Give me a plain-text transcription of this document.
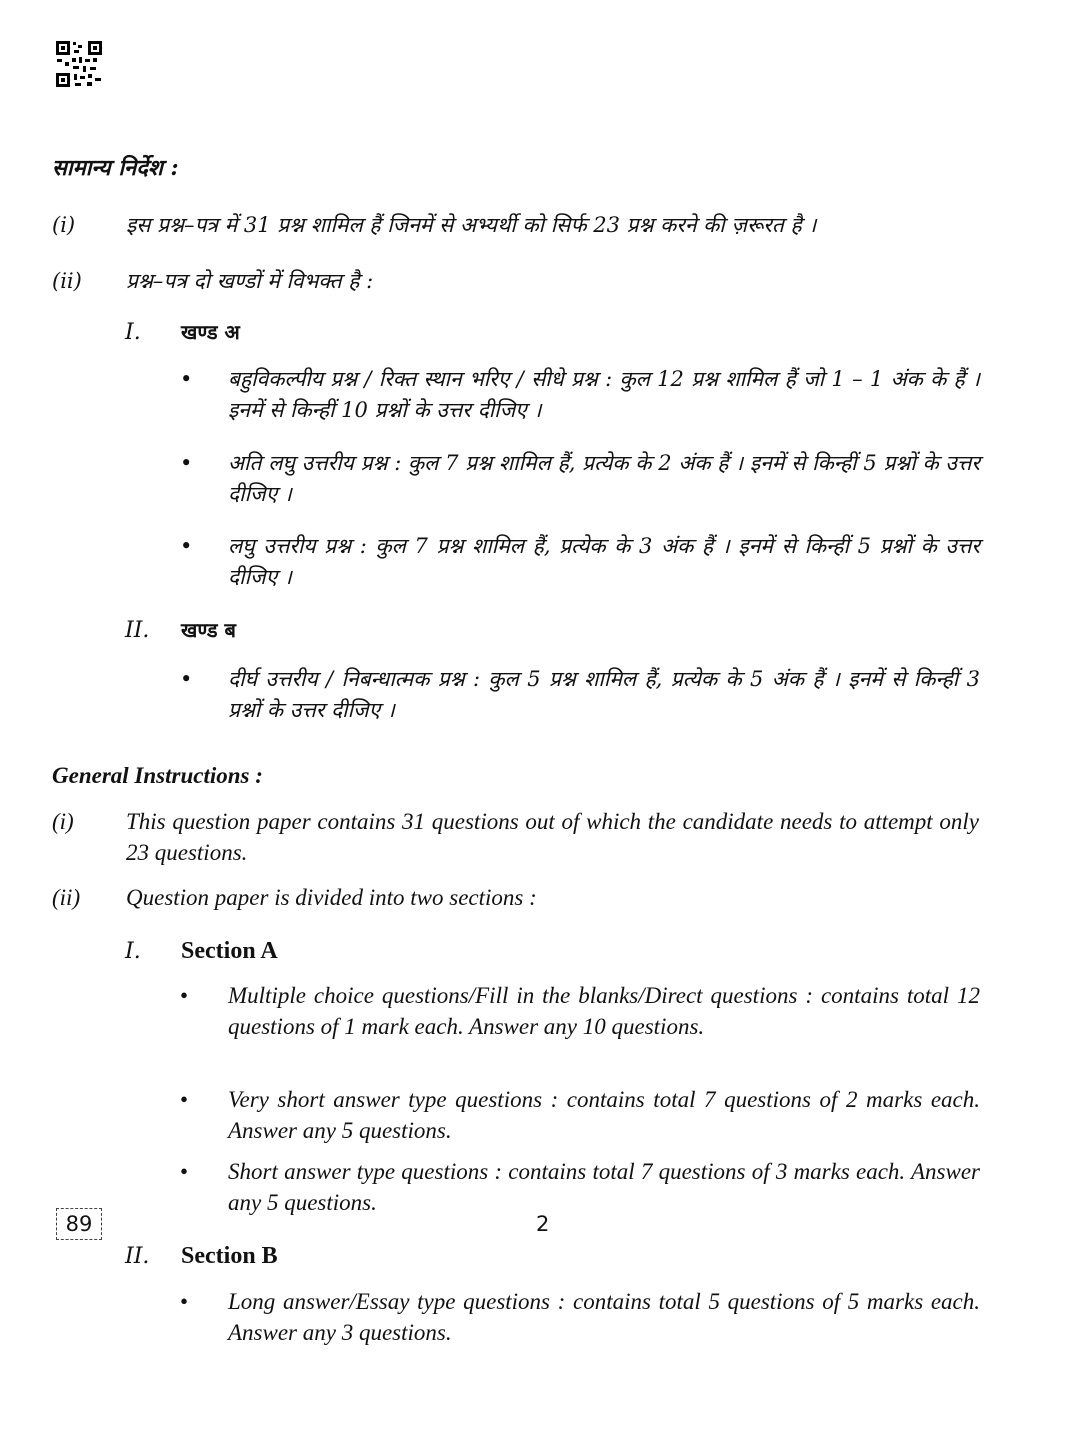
सामान्य निर्देश :
(i)	इस प्रश्न–पत्र में 31 प्रश्न शामिल हैं जिनमें से अभ्यर्थी को सिर्फ 23 प्रश्न करने की ज़रूरत है ।
(ii)	प्रश्न–पत्र दो खण्डों में विभक्त है :
I. खण्ड अ
• बहुविकल्पीय प्रश्न / रिक्त स्थान भरिए / सीधे प्रश्न : कुल 12 प्रश्न शामिल हैं जो 1 – 1 अंक के हैं । इनमें से किन्हीं 10 प्रश्नों के उत्तर दीजिए ।
• अति लघु उत्तरीय प्रश्न : कुल 7 प्रश्न शामिल हैं, प्रत्येक के 2 अंक हैं । इनमें से किन्हीं 5 प्रश्नों के उत्तर दीजिए ।
• लघु उत्तरीय प्रश्न : कुल 7 प्रश्न शामिल हैं, प्रत्येक के 3 अंक हैं । इनमें से किन्हीं 5 प्रश्नों के उत्तर दीजिए ।
II. खण्ड ब
• दीर्घ उत्तरीय / निबन्धात्मक प्रश्न : कुल 5 प्रश्न शामिल हैं, प्रत्येक के 5 अंक हैं । इनमें से किन्हीं 3 प्रश्नों के उत्तर दीजिए ।
General Instructions :
(i)	This question paper contains 31 questions out of which the candidate needs to attempt only 23 questions.
(ii)	Question paper is divided into two sections :
I. Section A
• Multiple choice questions/Fill in the blanks/Direct questions : contains total 12 questions of 1 mark each. Answer any 10 questions.
• Very short answer type questions : contains total 7 questions of 2 marks each. Answer any 5 questions.
• Short answer type questions : contains total 7 questions of 3 marks each. Answer any 5 questions.
II. Section B
• Long answer/Essay type questions : contains total 5 questions of 5 marks each. Answer any 3 questions.
89	2
